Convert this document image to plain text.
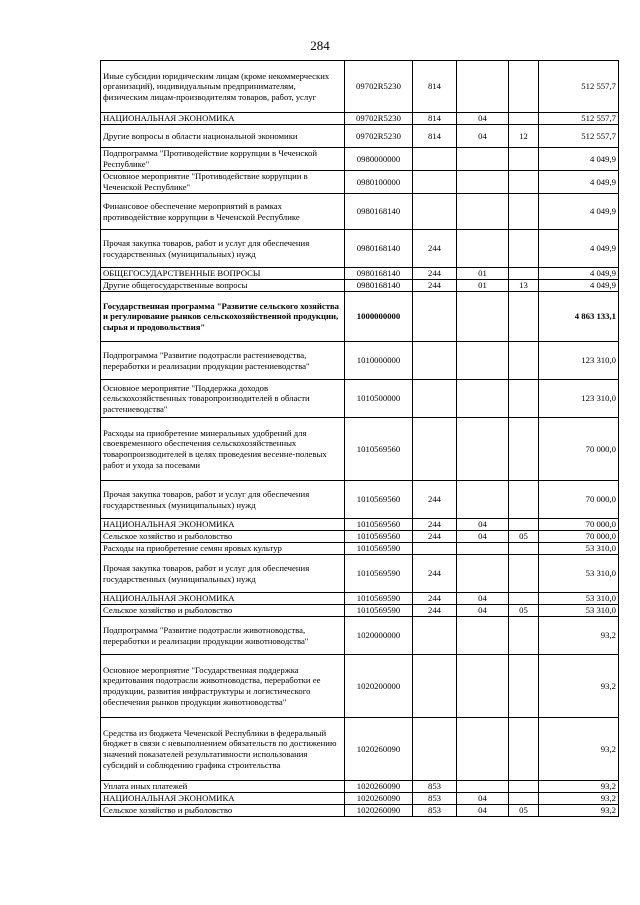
284
Иные субсидии юридическим лицам (кроме некоммерческих организаций), индивидуальным предпринимателям, физическим лицам-производителям товаров, работ, услуг	09702R5230	814			512 557,7
НАЦИОНАЛЬНАЯ ЭКОНОМИКА	09702R5230	814	04		512 557,7
Другие вопросы в области национальной экономики	09702R5230	814	04	12	512 557,7
Подпрограмма "Противодействие коррупции в Чеченской Республике"	0980000000				4 049,9
Основное мероприятие "Противодействие коррупции в Чеченской Республике"	0980100000				4 049,9
Финансовое обеспечение мероприятий в рамках противодействие коррупции в Чеченской Республике	0980168140				4 049,9
Прочая закупка товаров, работ и услуг для обеспечения государственных (муниципальных) нужд	0980168140	244			4 049,9
ОБЩЕГОСУДАРСТВЕННЫЕ ВОПРОСЫ	0980168140	244	01		4 049,9
Другие общегосударственные вопросы	0980168140	244	01	13	4 049,9
Государственная программа "Развитие сельского хозяйства и регулирование рынков сельскохозяйственной продукции, сырья и продовольствия"	1000000000				4 863 133,1
Подпрограмма "Развитие подотрасли растениеводства, переработки и реализации продукции растениеводства"	1010000000				123 310,0
Основное мероприятие "Поддержка доходов сельскохозяйственных товаропроизводителей в области растениеводства"	1010500000				123 310,0
Расходы на приобретение минеральных удобрений для своевременного обеспечения сельскохозяйственных товаропроизводителей в целях проведения весенне-полевых работ и ухода за посевами	1010569560				70 000,0
Прочая закупка товаров, работ и услуг для обеспечения государственных (муниципальных) нужд	1010569560	244			70 000,0
НАЦИОНАЛЬНАЯ ЭКОНОМИКА	1010569560	244	04		70 000,0
Сельское хозяйство и рыболовство	1010569560	244	04	05	70 000,0
Расходы на приобретение семян яровых культур	1010569590				53 310,0
Прочая закупка товаров, работ и услуг для обеспечения государственных (муниципальных) нужд	1010569590	244			53 310,0
НАЦИОНАЛЬНАЯ ЭКОНОМИКА	1010569590	244	04		53 310,0
Сельское хозяйство и рыболовство	1010569590	244	04	05	53 310,0
Подпрограмма "Развитие подотрасли животноводства, переработки и реализации продукции животноводства"	1020000000				93,2
Основное мероприятие "Государственная поддержка кредитования подотрасли животноводства, переработки ее продукции, развития инфраструктуры и логистического обеспечения рынков продукции животноводства"	1020200000				93,2
Средства из бюджета Чеченской Республики в федеральный бюджет в связи с невыполнением обязательств по достижению значений показателей результативности использования субсидий и соблюдению графика строительства	1020260090				93,2
Уплата иных платежей	1020260090	853			93,2
НАЦИОНАЛЬНАЯ ЭКОНОМИКА	1020260090	853	04		93,2
Сельское хозяйство и рыболовство	1020260090	853	04	05	93,2
